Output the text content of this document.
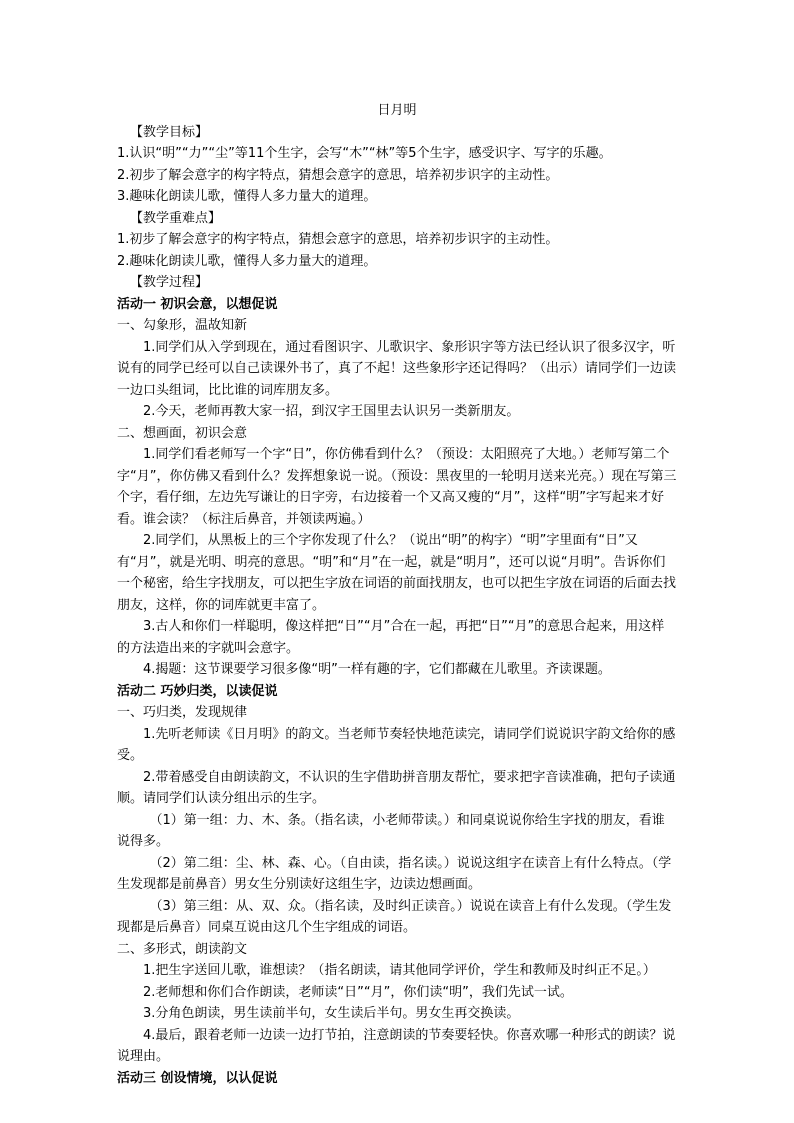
日月明

【教学目标】

1.认识“明”“力”“尘”等11个生字，会写“木”“林”等5个生字，感受识字、写字的乐趣。

2.初步了解会意字的构字特点，猜想会意字的意思，培养初步识字的主动性。

3.趣味化朗读儿歌，懂得人多力量大的道理。

【教学重难点】

1.初步了解会意字的构字特点，猜想会意字的意思，培养初步识字的主动性。

2.趣味化朗读儿歌，懂得人多力量大的道理。

【教学过程】

活动一 初识会意，以想促说

一、勾象形，温故知新

1.同学们从入学到现在，通过看图识字、儿歌识字、象形识字等方法已经认识了很多汉字，听说有的同学已经可以自己读课外书了，真了不起！这些象形字还记得吗？（出示）请同学们一边读一边口头组词，比比谁的词库朋友多。

2.今天，老师再教大家一招，到汉字王国里去认识另一类新朋友。

二、想画面，初识会意

1.同学们看老师写一个字“日”，你仿佛看到什么？（预设：太阳照亮了大地。）老师写第二个字“月”，你仿佛又看到什么？发挥想象说一说。（预设：黑夜里的一轮明月送来光亮。）现在写第三个字，看仔细，左边先写谦让的日字旁，右边接着一个又高又瘦的“月”，这样“明”字写起来才好看。谁会读？（标注后鼻音，并领读两遍。）

2.同学们，从黑板上的三个字你发现了什么？（说出“明”的构字）“明”字里面有“日”又有“月”，就是光明、明亮的意思。“明”和“月”在一起，就是“明月”，还可以说“月明”。告诉你们一个秘密，给生字找朋友，可以把生字放在词语的前面找朋友，也可以把生字放在词语的后面去找朋友，这样，你的词库就更丰富了。

3.古人和你们一样聪明，像这样把“日”“月”合在一起，再把“日”“月”的意思合起来，用这样的方法造出来的字就叫会意字。

4.揭题：这节课要学习很多像“明”一样有趣的字，它们都藏在儿歌里。齐读课题。

活动二 巧妙归类，以读促说

一、巧归类，发现规律

1.先听老师读《日月明》的韵文。当老师节奏轻快地范读完，请同学们说说识字韵文给你的感受。

2.带着感受自由朗读韵文，不认识的生字借助拼音朋友帮忙，要求把字音读准确，把句子读通顺。请同学们认读分组出示的生字。

（1）第一组：力、木、条。（指名读，小老师带读。）和同桌说说你给生字找的朋友，看谁说得多。

（2）第二组：尘、林、森、心。（自由读，指名读。）说说这组字在读音上有什么特点。（学生发现都是前鼻音）男女生分别读好这组生字，边读边想画面。

（3）第三组：从、双、众。（指名读，及时纠正读音。）说说在读音上有什么发现。（学生发现都是后鼻音）同桌互说由这几个生字组成的词语。

二、多形式，朗读韵文

1.把生字送回儿歌，谁想读？（指名朗读，请其他同学评价，学生和教师及时纠正不足。）

2.老师想和你们合作朗读，老师读“日”“月”，你们读“明”，我们先试一试。

3.分角色朗读，男生读前半句，女生读后半句。男女生再交换读。

4.最后，跟着老师一边读一边打节拍，注意朗读的节奏要轻快。你喜欢哪一种形式的朗读？说说理由。

活动三 创设情境，以认促说
